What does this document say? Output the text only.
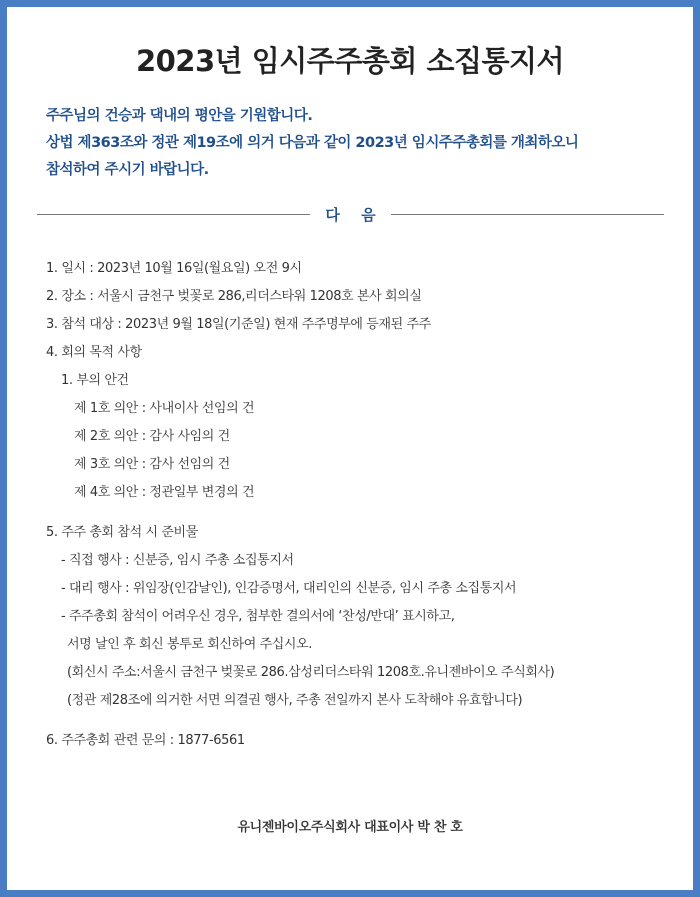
2023년 임시주주총회 소집통지서
주주님의 건승과 댁내의 평안을 기원합니다.
상법 제363조와 정관 제19조에 의거 다음과 같이 2023년 임시주주총회를 개최하오니
참석하여 주시기 바랍니다.
다 음
1. 일시 : 2023년 10월 16일(월요일) 오전 9시
2. 장소 : 서울시 금천구 벚꽃로 286,리더스타워 1208호 본사 회의실
3. 참석 대상 : 2023년 9월 18일(기준일) 현재 주주명부에 등재된 주주
4. 회의 목적 사항
1. 부의 안건
제 1호 의안 : 사내이사 선임의 건
제 2호 의안 : 감사 사임의 건
제 3호 의안 : 감사 선임의 건
제 4호 의안 : 정관일부 변경의 건
5. 주주 총회 참석 시 준비물
- 직접 행사 : 신분증, 임시 주총 소집통지서
- 대리 행사 : 위임장(인감날인), 인감증명서, 대리인의 신분증, 임시 주총 소집통지서
- 주주총회 참석이 어려우신 경우, 첨부한 결의서에 ‘찬성/반대’ 표시하고,
서명 날인 후 회신 봉투로 회신하여 주십시오.
(회신시 주소:서울시 금천구 벚꽃로 286.삼성리더스타워 1208호.유니젠바이오 주식회사)
(정관 제28조에 의거한 서면 의결권 행사, 주총 전일까지 본사 도착해야 유효합니다)
6. 주주총회 관련 문의 : 1877-6561
유니젠바이오주식회사 대표이사 박 찬 호
